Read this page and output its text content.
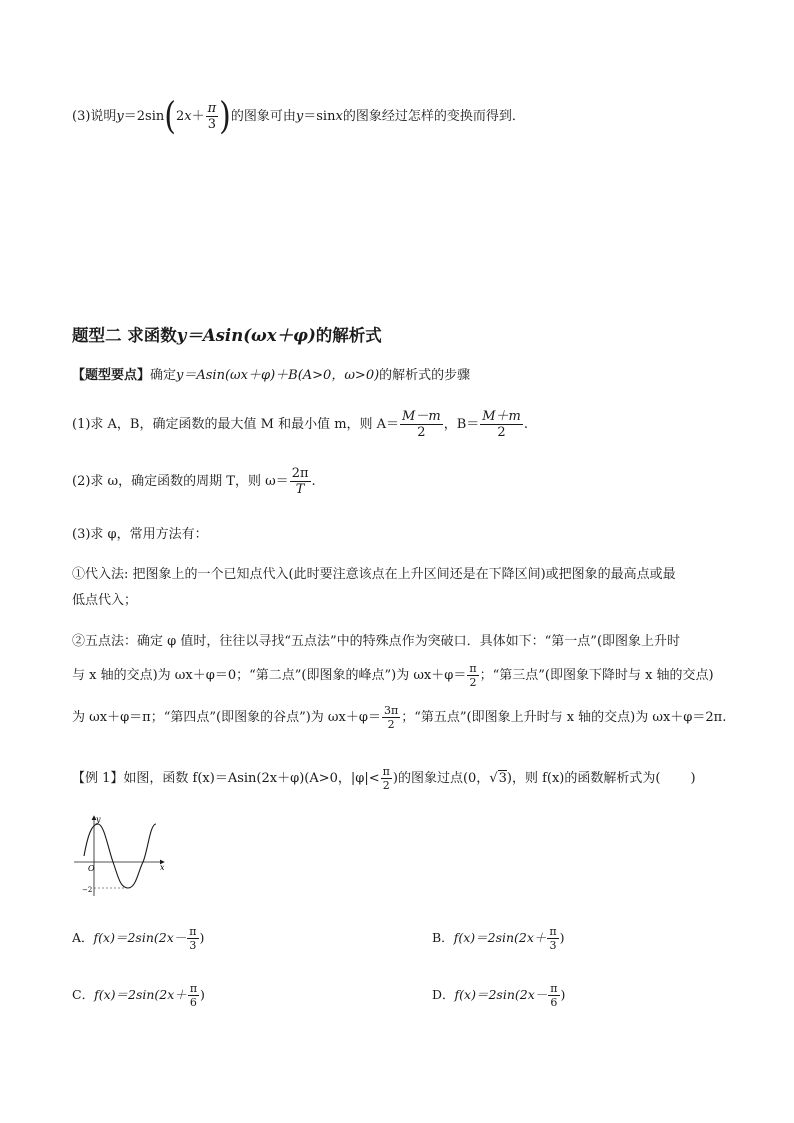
(3)说明$y=2\sin(2x+ \frac{\pi}{3}$ )的图象可由y＝sinx的图象经过怎样的变换而得到．
题型二 求函数y＝Asin(ωx＋φ)的解析式
【题型要点】确定y＝Asin(ωx＋φ)＋B(A>0，ω>0)的解析式的步骤
(1)求 A，B，确定函数的最大值 M 和最小值 m，则 $A= \frac{M-m}{2}$ ，$B= \frac{M+m}{2}$ .
(2)求 ω，确定函数的周期 T，则 $\omega= \frac{2\pi}{T}$ .
(3)求 φ，常用方法有：
①代入法: 把图象上的一个已知点代入(此时要注意该点在上升区间还是在下降区间)或把图象的最高点或最
低点代入；
②五点法：确定 φ 值时，往往以寻找“五点法”中的特殊点作为突破口．具体如下：“第一点”(即图象上升时
与 x 轴的交点)为 ωx＋φ＝0；“第二点”(即图象的峰点”)为 $\omega x+\varphi= \frac{\pi}{2}$ ；“第三点”(即图象下降时与 x 轴的交点)
为 ωx＋φ＝π；“第四点”(即图象的谷点”)为 $\omega x+\varphi= \frac{3\pi}{2}$ ；“第五点”(即图象上升时与 x 轴的交点)为 ωx＋φ＝2π.
【例 1】如图，函数 f(x)＝Asin(2x＋φ)(A>0，$|\varphi|< \frac{\pi}{2}$ )的图象过点(0，√3)，则 f(x)的函数解析式为( )
y
x
O
−2
A．$f(x)=2\sin(2x- \frac{\pi}{3}$ )	B．$f(x)=2\sin(2x+ \frac{\pi}{3}$ )
C．$f(x)=2\sin(2x+ \frac{\pi}{6}$ )	D．$f(x)=2\sin(2x- \frac{\pi}{6}$ )
